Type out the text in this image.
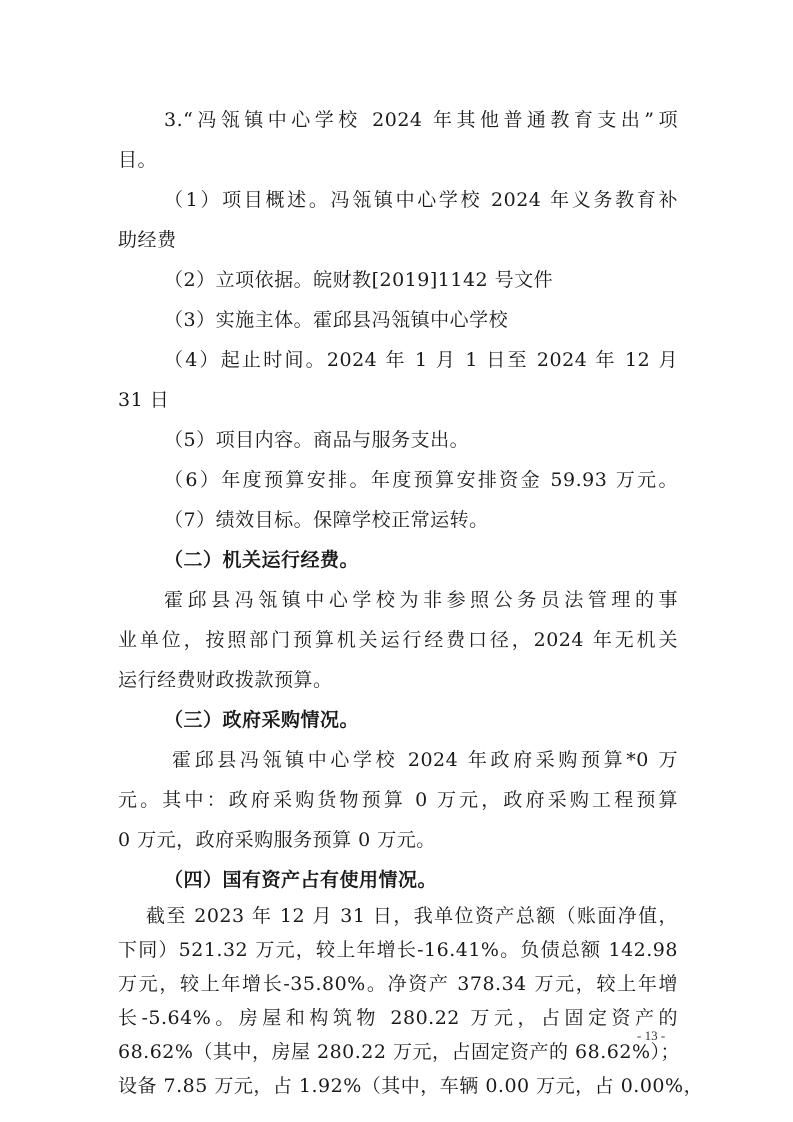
3.“冯瓴镇中心学校 2024 年其他普通教育支出”项
目。
（1）项目概述。冯瓴镇中心学校 2024 年义务教育补
助经费
（2）立项依据。皖财教[2019]1142 号文件
（3）实施主体。霍邱县冯瓴镇中心学校
（4）起止时间。2024 年 1 月 1 日至 2024 年 12 月
31 日
（5）项目内容。商品与服务支出。
（6）年度预算安排。年度预算安排资金 59.93 万元。
（7）绩效目标。保障学校正常运转。
（二）机关运行经费。
霍邱县冯瓴镇中心学校为非参照公务员法管理的事
业单位，按照部门预算机关运行经费口径，2024 年无机关
运行经费财政拨款预算。
（三）政府采购情况。
霍邱县冯瓴镇中心学校 2024 年政府采购预算*0 万
元。其中：政府采购货物预算 0 万元，政府采购工程预算
0 万元，政府采购服务预算 0 万元。
（四）国有资产占有使用情况。
截至 2023 年 12 月 31 日，我单位资产总额（账面净值，
下同）521.32 万元，较上年增长-16.41%。负债总额 142.98
万元，较上年增长-35.80%。净资产 378.34 万元，较上年增
长-5.64%。房屋和构筑物 280.22 万元，占固定资产的
68.62%（其中，房屋 280.22 万元，占固定资产的 68.62%）；
设备 7.85 万元，占 1.92%（其中，车辆 0.00 万元，占 0.00%，
- 13 -
